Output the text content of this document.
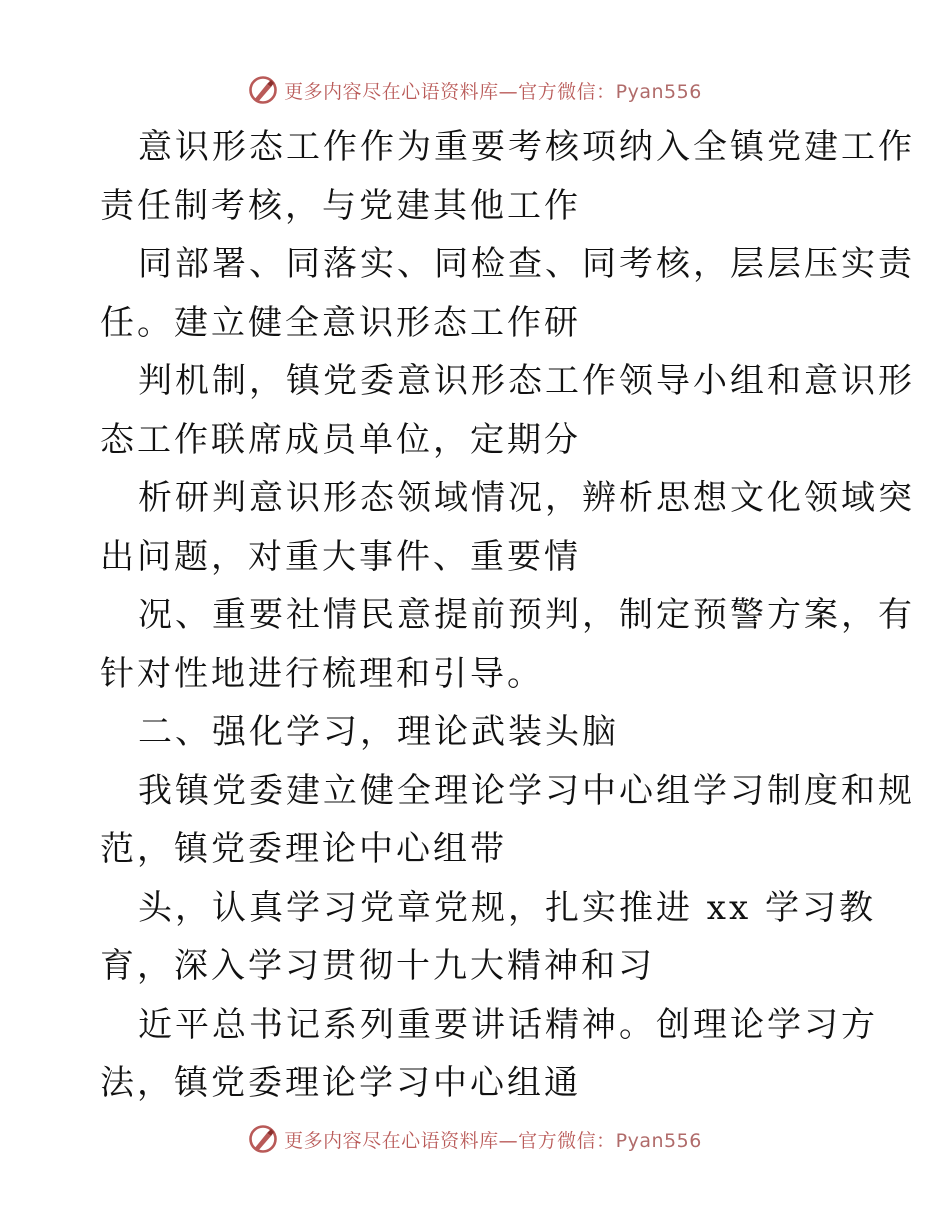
更多内容尽在心语资料库—官方微信：Pyan556
意识形态工作作为重要考核项纳入全镇党建工作
责任制考核，与党建其他工作
同部署、同落实、同检查、同考核，层层压实责
任。建立健全意识形态工作研
判机制，镇党委意识形态工作领导小组和意识形
态工作联席成员单位，定期分
析研判意识形态领域情况，辨析思想文化领域突
出问题，对重大事件、重要情
况、重要社情民意提前预判，制定预警方案，有
针对性地进行梳理和引导。
二、强化学习，理论武装头脑
我镇党委建立健全理论学习中心组学习制度和规
范，镇党委理论中心组带
头，认真学习党章党规，扎实推进 xx 学习教
育，深入学习贯彻十九大精神和习
近平总书记系列重要讲话精神。创理论学习方
法，镇党委理论学习中心组通
更多内容尽在心语资料库—官方微信：Pyan556
